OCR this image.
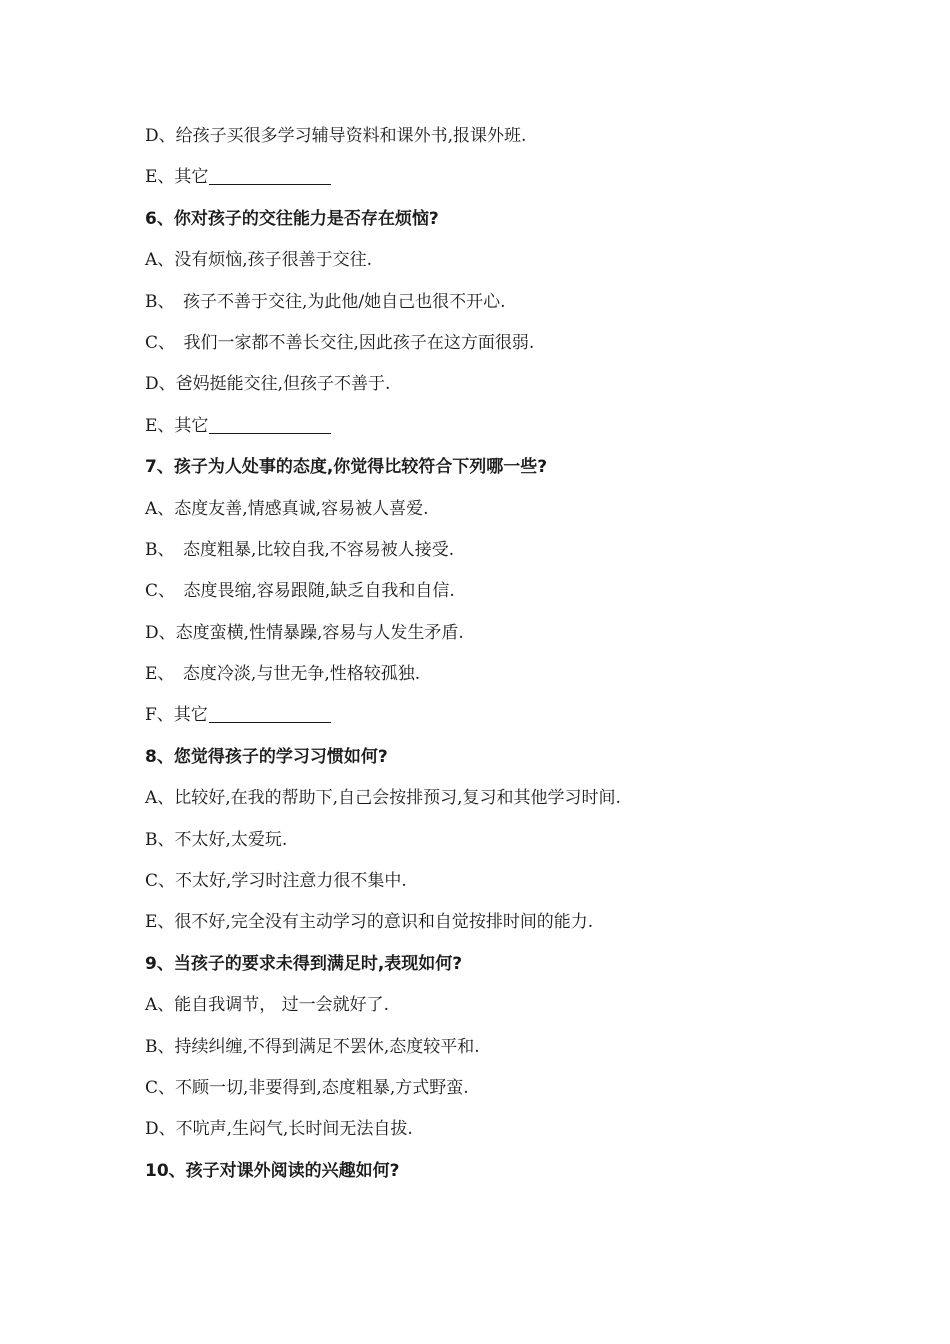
D、给孩子买很多学习辅导资料和课外书,报课外班.
E、其它
6、你对孩子的交往能力是否存在烦恼?
A、没有烦恼,孩子很善于交往.
B、　孩子不善于交往,为此他/她自己也很不开心.
C、　我们一家都不善长交往,因此孩子在这方面很弱.
D、爸妈挺能交往,但孩子不善于.
E、其它
7、孩子为人处事的态度,你觉得比较符合下列哪一些?
A、态度友善,情感真诚,容易被人喜爱.
B、　态度粗暴,比较自我,不容易被人接受.
C、　态度畏缩,容易跟随,缺乏自我和自信.
D、态度蛮横,性情暴躁,容易与人发生矛盾.
E、　态度冷淡,与世无争,性格较孤独.
F、其它
8、您觉得孩子的学习习惯如何?
A、比较好,在我的帮助下,自己会按排预习,复习和其他学习时间.
B、不太好,太爱玩.
C、不太好,学习时注意力很不集中.
E、很不好,完全没有主动学习的意识和自觉按排时间的能力.
9、当孩子的要求未得到满足时,表现如何?
A、能自我调节， 过一会就好了.
B、持续纠缠,不得到满足不罢休,态度较平和.
C、不顾一切,非要得到,态度粗暴,方式野蛮.
D、不吭声,生闷气,长时间无法自拔.
10、孩子对课外阅读的兴趣如何?
